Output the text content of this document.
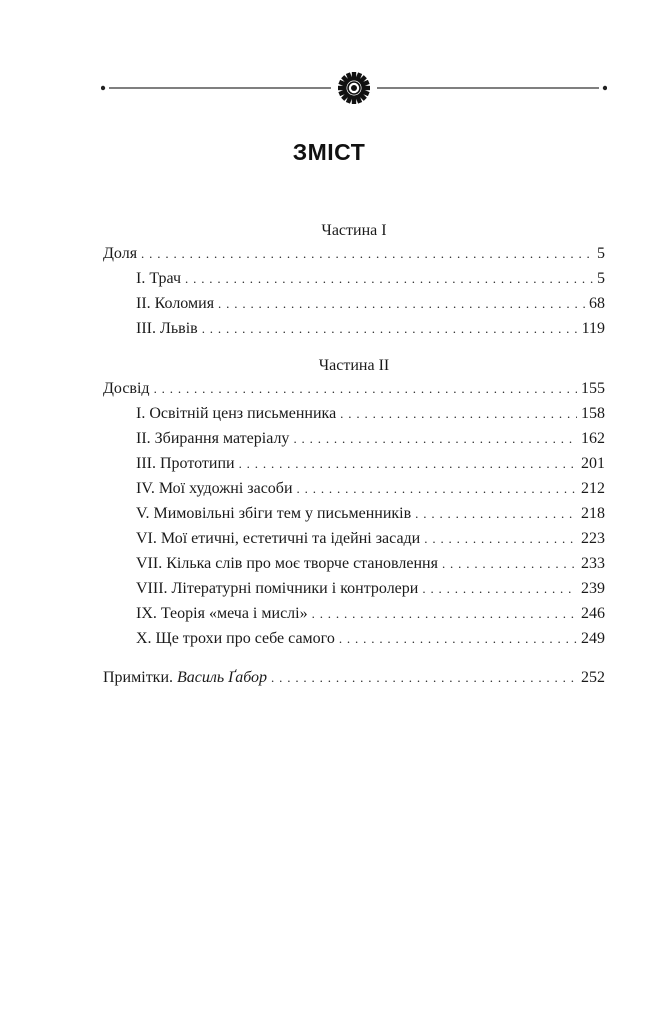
ЗМІСТ
Частина I
Доля . . .	5
I. Трач . . .	5
II. Коломия . . .	68
III. Львів . . .	119
Частина II
Досвід . . .	155
I. Освітній ценз письменника . . .	158
II. Збирання матеріалу . . .	162
III. Прототипи . . .	201
IV. Мої художні засоби . . .	212
V. Мимовільні збіги тем у письменників . . .	218
VI. Мої етичні, естетичні та ідейні засади . . .	223
VII. Кілька слів про моє творче становлення . . .	233
VIII. Літературні помічники і контролери . . .	239
IX. Теорія «меча і мислі» . . .	246
X. Ще трохи про себе самого . . .	249
Примітки. Василь Ґабор . . .	252
